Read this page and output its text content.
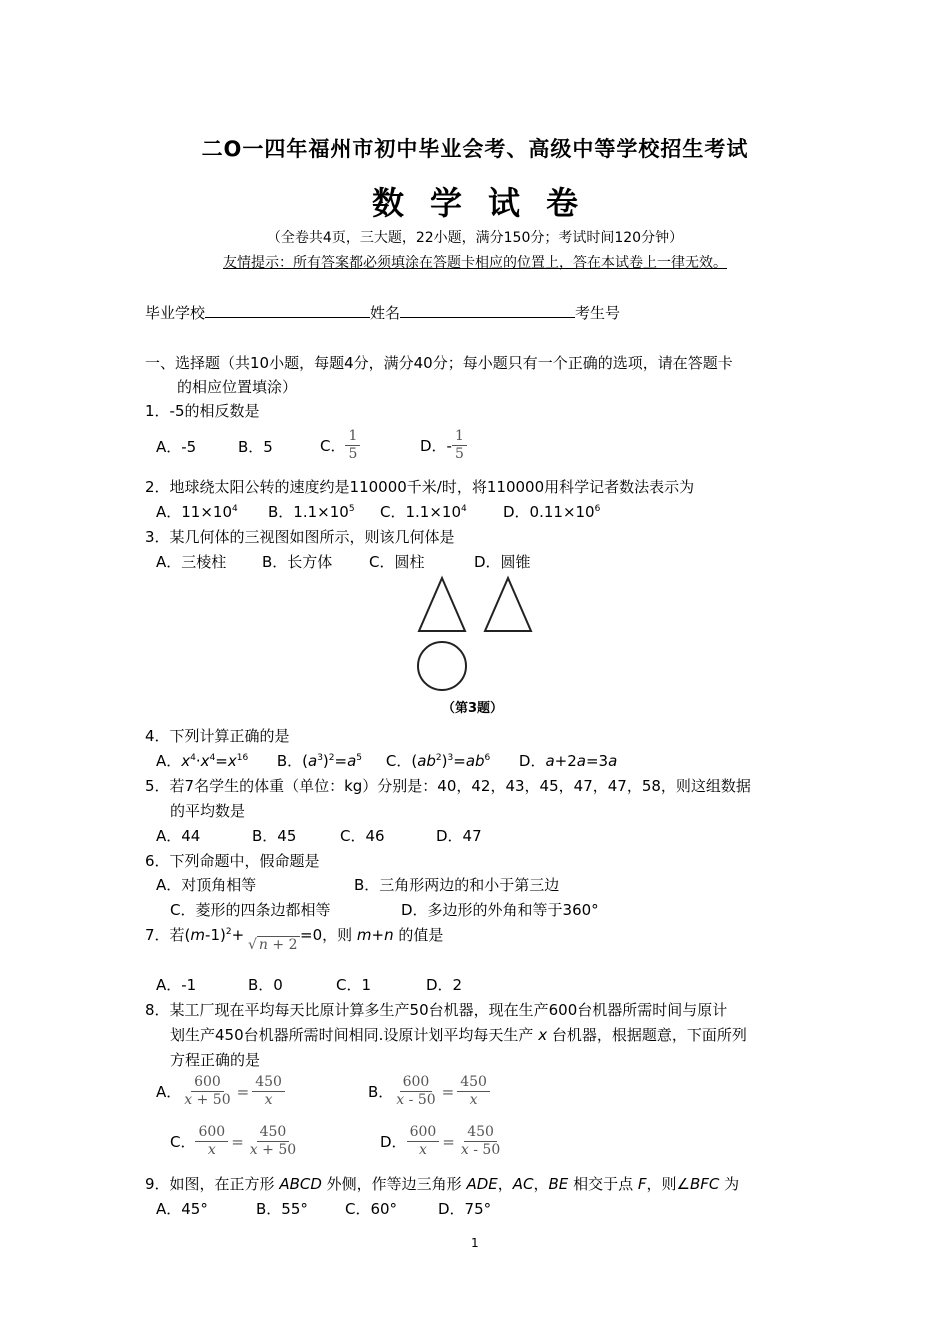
二Ο一四年福州市初中毕业会考、高级中等学校招生考试
数学试卷
（全卷共4页，三大题，22小题，满分150分；考试时间120分钟）
友情提示：所有答案都必须填涂在答题卡相应的位置上，答在本试卷上一律无效。
毕业学校	姓名	考生号
一、选择题（共10小题，每题4分，满分40分；每小题只有一个正确的选项，请在答题卡
的相应位置填涂）
1．-5的相反数是
A．-5	B．5	C． $\frac{1}{5}$	D．- $\frac{1}{5}$
2．地球绕太阳公转的速度约是110000千米/时，将110000用科学记者数法表示为
A．$11\times 10^4$ B．$1.1\times 10^5$ C．$1.1\times 10^4$ D．$0.11\times 10^6$
3．某几何体的三视图如图所示，则该几何体是
A．三棱柱 B．长方体 C．圆柱	D．圆锥
（第3题）
4．下列计算正确的是
A．$x^4\cdot x^4=x^{16}$      B．$(a^3)^2=a^5$     C．$(ab^2)^3=ab^6$      D．a+2a=3a
5．若7名学生的体重（单位：kg）分别是：40，42，43，45，47，47，58，则这组数据
的平均数是
A．44	B．45	C．46	D．47
6．下列命题中，假命题是
A．对顶角相等	B．三角形两边的和小于第三边
C．菱形的四条边都相等	D．多边形的外角和等于360°
7．若$(m-1)^2+$
√ n + 2
=0，则 m+n 的值是
A．-1	B．0	C．1	D．2
8．某工厂现在平均每天比原计算多生产50台机器，现在生产600台机器所需时间与原计
划生产450台机器所需时间相同.设原计划平均每天生产 x 台机器，根据题意，下面所列
方程正确的是
A． $\frac{600}{x + 50} = \frac{450}{x}$	B． $\frac{600}{x - 50} = \frac{450}{x}$
C． $\frac{600}{x} = \frac{450}{x + 50}$	D． $\frac{600}{x} = \frac{450}{x - 50}$
9．如图，在正方形 ABCD 外侧，作等边三角形 ADE，AC，BE 相交于点 F，则∠BFC 为
A．45°	B．55° C．60°	D．75°
1
